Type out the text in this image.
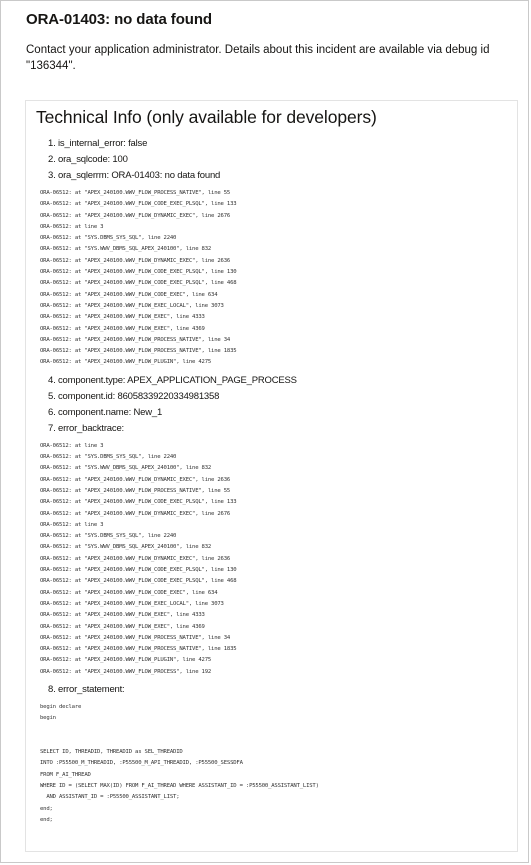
ORA-01403: no data found

Contact your application administrator. Details about this incident are available via debug id "136344".

Technical Info (only available for developers)
1. is_internal_error: false
2. ora_sqlcode: 100
3. ora_sqlerrm: ORA-01403: no data found
ORA-06512: at "APEX_240100.WWV_FLOW_PROCESS_NATIVE", line 55
ORA-06512: at "APEX_240100.WWV_FLOW_CODE_EXEC_PLSQL", line 133
ORA-06512: at "APEX_240100.WWV_FLOW_DYNAMIC_EXEC", line 2676
ORA-06512: at line 3
ORA-06512: at "SYS.DBMS_SYS_SQL", line 2240
ORA-06512: at "SYS.WWV_DBMS_SQL_APEX_240100", line 832
ORA-06512: at "APEX_240100.WWV_FLOW_DYNAMIC_EXEC", line 2636
ORA-06512: at "APEX_240100.WWV_FLOW_CODE_EXEC_PLSQL", line 130
ORA-06512: at "APEX_240100.WWV_FLOW_CODE_EXEC_PLSQL", line 468
ORA-06512: at "APEX_240100.WWV_FLOW_CODE_EXEC", line 634
ORA-06512: at "APEX_240100.WWV_FLOW_EXEC_LOCAL", line 3073
ORA-06512: at "APEX_240100.WWV_FLOW_EXEC", line 4333
ORA-06512: at "APEX_240100.WWV_FLOW_EXEC", line 4369
ORA-06512: at "APEX_240100.WWV_FLOW_PROCESS_NATIVE", line 34
ORA-06512: at "APEX_240100.WWV_FLOW_PROCESS_NATIVE", line 1835
ORA-06512: at "APEX_240100.WWV_FLOW_PLUGIN", line 4275
4. component.type: APEX_APPLICATION_PAGE_PROCESS
5. component.id: 86058339220334981358
6. component.name: New_1
7. error_backtrace:
ORA-06512: at line 3
ORA-06512: at "SYS.DBMS_SYS_SQL", line 2240
ORA-06512: at "SYS.WWV_DBMS_SQL_APEX_240100", line 832
ORA-06512: at "APEX_240100.WWV_FLOW_DYNAMIC_EXEC", line 2636
ORA-06512: at "APEX_240100.WWV_FLOW_PROCESS_NATIVE", line 55
ORA-06512: at "APEX_240100.WWV_FLOW_CODE_EXEC_PLSQL", line 133
ORA-06512: at "APEX_240100.WWV_FLOW_DYNAMIC_EXEC", line 2676
ORA-06512: at line 3
ORA-06512: at "SYS.DBMS_SYS_SQL", line 2240
ORA-06512: at "SYS.WWV_DBMS_SQL_APEX_240100", line 832
ORA-06512: at "APEX_240100.WWV_FLOW_DYNAMIC_EXEC", line 2636
ORA-06512: at "APEX_240100.WWV_FLOW_CODE_EXEC_PLSQL", line 130
ORA-06512: at "APEX_240100.WWV_FLOW_CODE_EXEC_PLSQL", line 468
ORA-06512: at "APEX_240100.WWV_FLOW_CODE_EXEC", line 634
ORA-06512: at "APEX_240100.WWV_FLOW_EXEC_LOCAL", line 3073
ORA-06512: at "APEX_240100.WWV_FLOW_EXEC", line 4333
ORA-06512: at "APEX_240100.WWV_FLOW_EXEC", line 4369
ORA-06512: at "APEX_240100.WWV_FLOW_PROCESS_NATIVE", line 34
ORA-06512: at "APEX_240100.WWV_FLOW_PROCESS_NATIVE", line 1835
ORA-06512: at "APEX_240100.WWV_FLOW_PLUGIN", line 4275
ORA-06512: at "APEX_240100.WWV_FLOW_PROCESS", line 192
8. error_statement:
begin declare
begin

SELECT ID, THREADID, THREADID as SEL_THREADID
INTO :P55500_M_THREADID, :P55500_M_API_THREADID, :P55500_SESSDFA
FROM F_AI_THREAD
WHERE ID = (SELECT MAX(ID) FROM F_AI_THREAD WHERE ASSISTANT_ID = :P55500_ASSISTANT_LIST)
AND ASSISTANT_ID = :P55500_ASSISTANT_LIST;
end;
end;
